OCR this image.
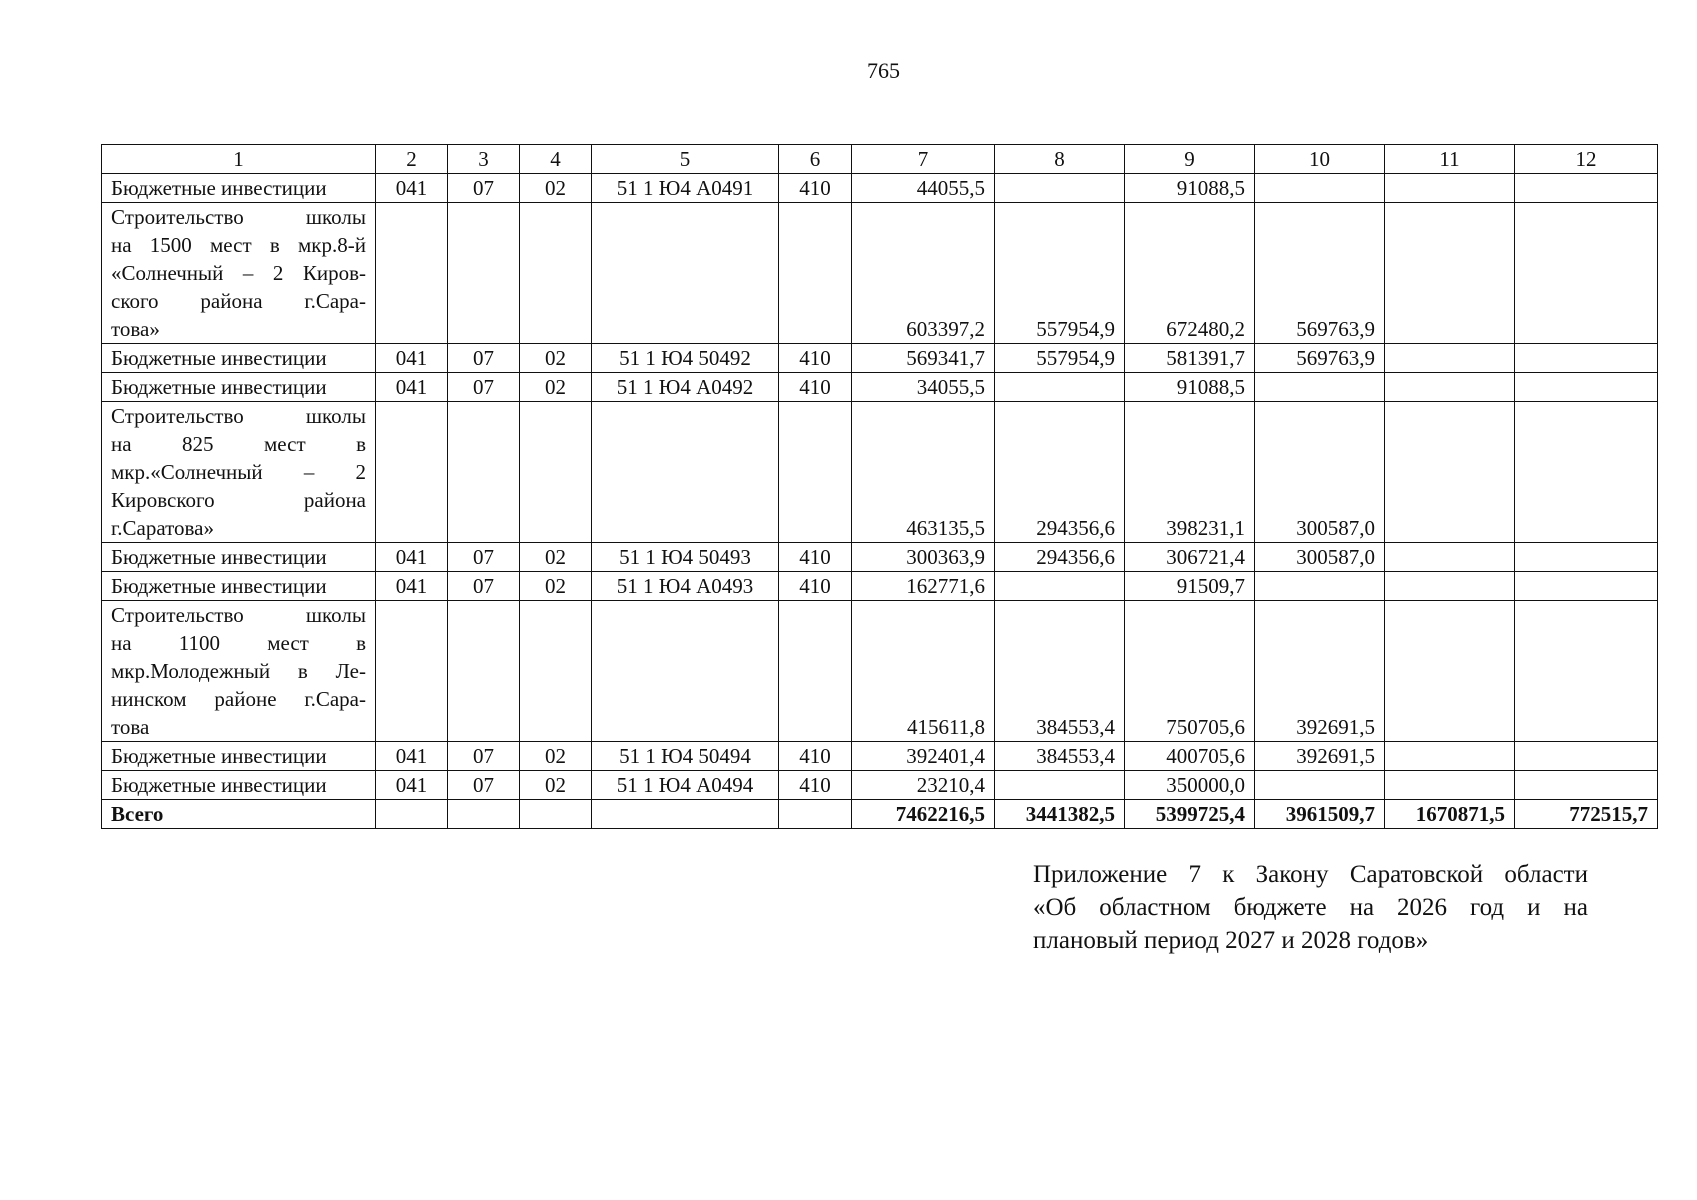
765
1	2	3	4	5	6	7	8	9	10	11	12
Бюджетные инвестиции	041	07	02	51 1 Ю4 А0491	410	44055,5		91088,5			

Строительство школы
на 1500 мест в мкр.8-й
«Солнечный – 2 Киров-
ского района г.Сара-
това»						603397,2	557954,9	672480,2	569763,9		
Бюджетные инвестиции	041	07	02	51 1 Ю4 50492	410	569341,7	557954,9	581391,7	569763,9		
Бюджетные инвестиции	041	07	02	51 1 Ю4 А0492	410	34055,5		91088,5			

Строительство школы
на 825 мест в
мкр.«Солнечный – 2
Кировского района
г.Саратова»						463135,5	294356,6	398231,1	300587,0		
Бюджетные инвестиции	041	07	02	51 1 Ю4 50493	410	300363,9	294356,6	306721,4	300587,0		
Бюджетные инвестиции	041	07	02	51 1 Ю4 А0493	410	162771,6		91509,7			

Строительство школы
на 1100 мест в
мкр.Молодежный в Ле-
нинском районе г.Сара-
това						415611,8	384553,4	750705,6	392691,5		
Бюджетные инвестиции	041	07	02	51 1 Ю4 50494	410	392401,4	384553,4	400705,6	392691,5		
Бюджетные инвестиции	041	07	02	51 1 Ю4 А0494	410	23210,4		350000,0			
Всего						7462216,5	3441382,5	5399725,4	3961509,7	1670871,5	772515,7
Приложение 7 к Закону Саратовской области
«Об областном бюджете на 2026 год и на
плановый период 2027 и 2028 годов»
